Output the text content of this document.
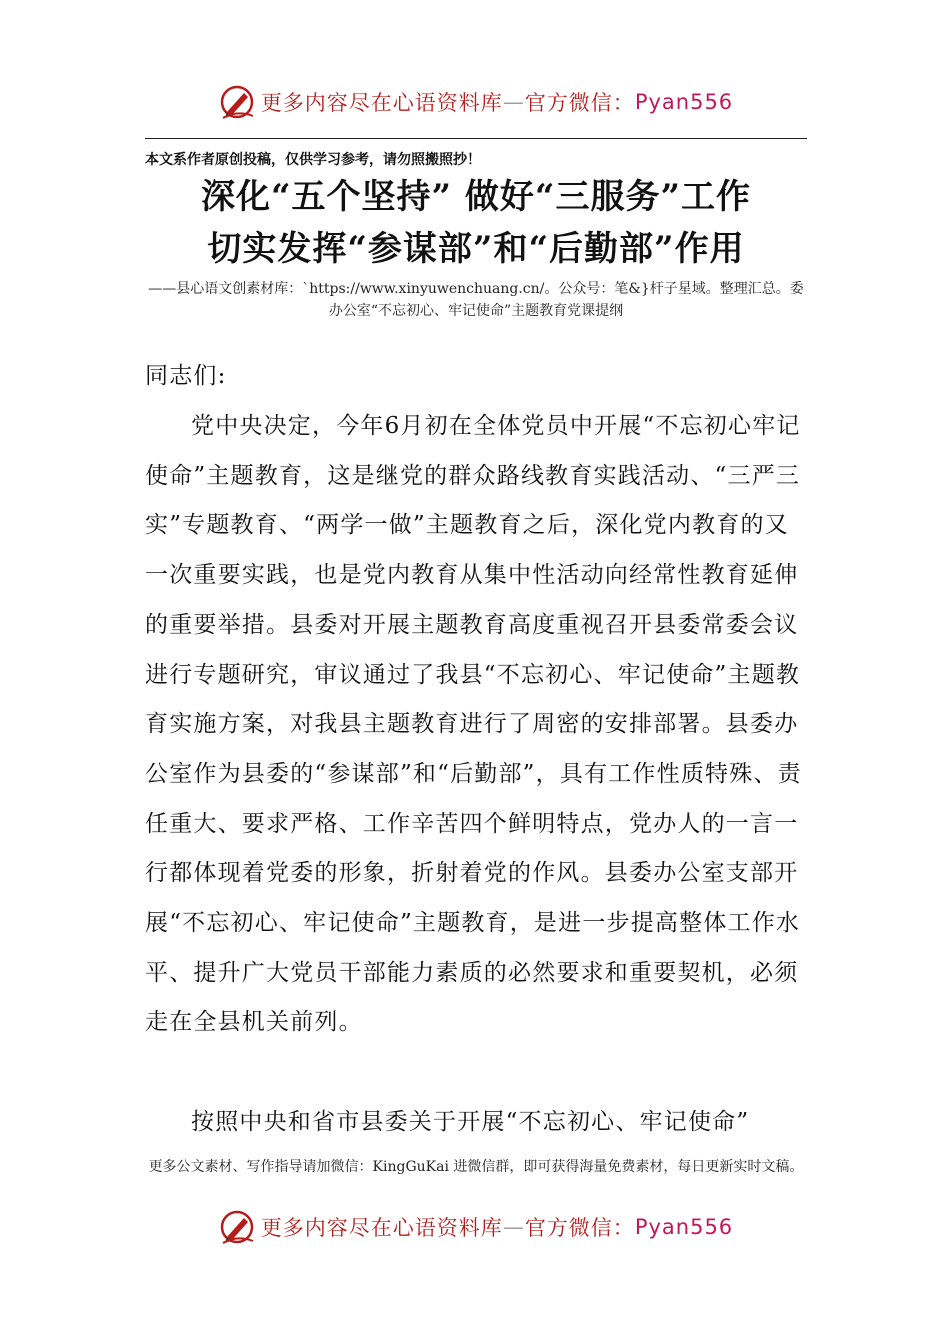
更多内容尽在心语资料库 — 官方微信： Pyan556
本文系作者原创投稿，仅供学习参考，请勿照搬照抄！
深化“五个坚持” 做好“三服务”工作
切实发挥“参谋部”和“后勤部”作用
——县心语文创素材库：`https://www.xinyuwenchuang.cn/。公众号：笔&}杆子星域。整理汇总。委办公室“不忘初心、牢记使命”主题教育党课提纲
同志们:
党中央决定，今年6月初在全体党员中开展“不忘初心牢记使命”主题教育，这是继党的群众路线教育实践活动、“三严三实”专题教育、“两学一做”主题教育之后，深化党内教育的又一次重要实践，也是党内教育从集中性活动向经常性教育延伸的重要举措。县委对开展主题教育高度重视召开县委常委会议进行专题研究，审议通过了我县“不忘初心、牢记使命”主题教育实施方案，对我县主题教育进行了周密的安排部署。县委办公室作为县委的“参谋部”和“后勤部”，具有工作性质特殊、责任重大、要求严格、工作辛苦四个鲜明特点，党办人的一言一行都体现着党委的形象，折射着党的作风。县委办公室支部开展“不忘初心、牢记使命”主题教育，是进一步提高整体工作水平、提升广大党员干部能力素质的必然要求和重要契机，必须走在全县机关前列。
按照中央和省市县委关于开展“不忘初心、牢记使命”
更多公文素材、写作指导请加微信：KingGuKai 进微信群，即可获得海量免费素材，每日更新实时文稿。
更多内容尽在心语资料库 — 官方微信： Pyan556
